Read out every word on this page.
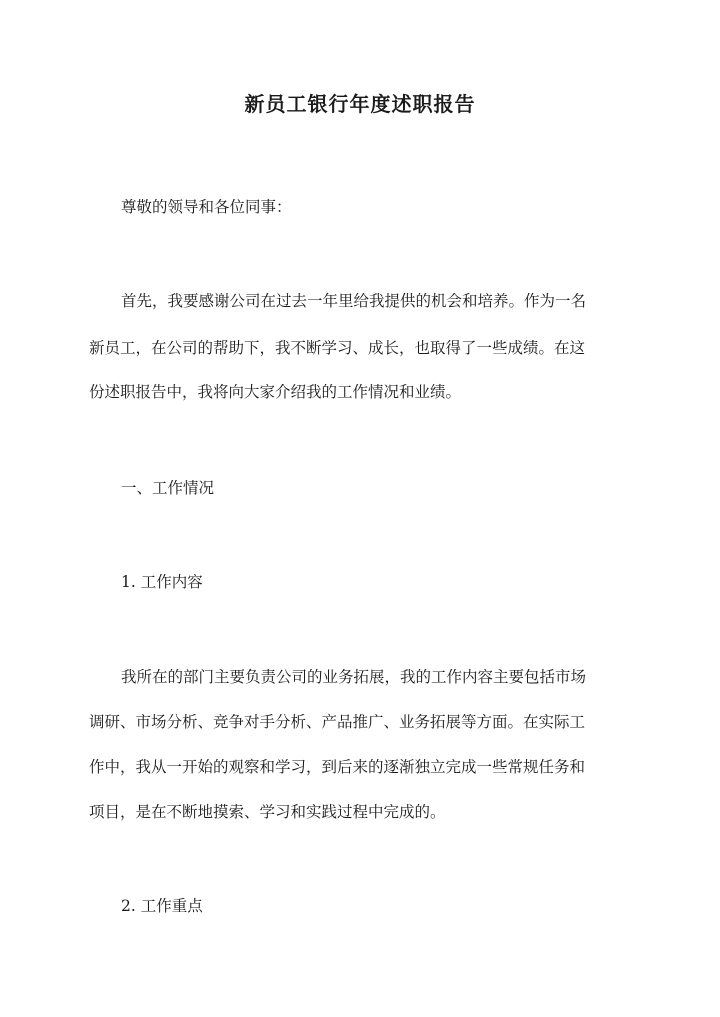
新员工银行年度述职报告

尊敬的领导和各位同事：

首先，我要感谢公司在过去一年里给我提供的机会和培养。作为一名

新员工，在公司的帮助下，我不断学习、成长，也取得了一些成绩。在这

份述职报告中，我将向大家介绍我的工作情况和业绩。

一、工作情况

1. 工作内容

我所在的部门主要负责公司的业务拓展，我的工作内容主要包括市场

调研、市场分析、竞争对手分析、产品推广、业务拓展等方面。在实际工

作中，我从一开始的观察和学习，到后来的逐渐独立完成一些常规任务和

项目，是在不断地摸索、学习和实践过程中完成的。

2. 工作重点
